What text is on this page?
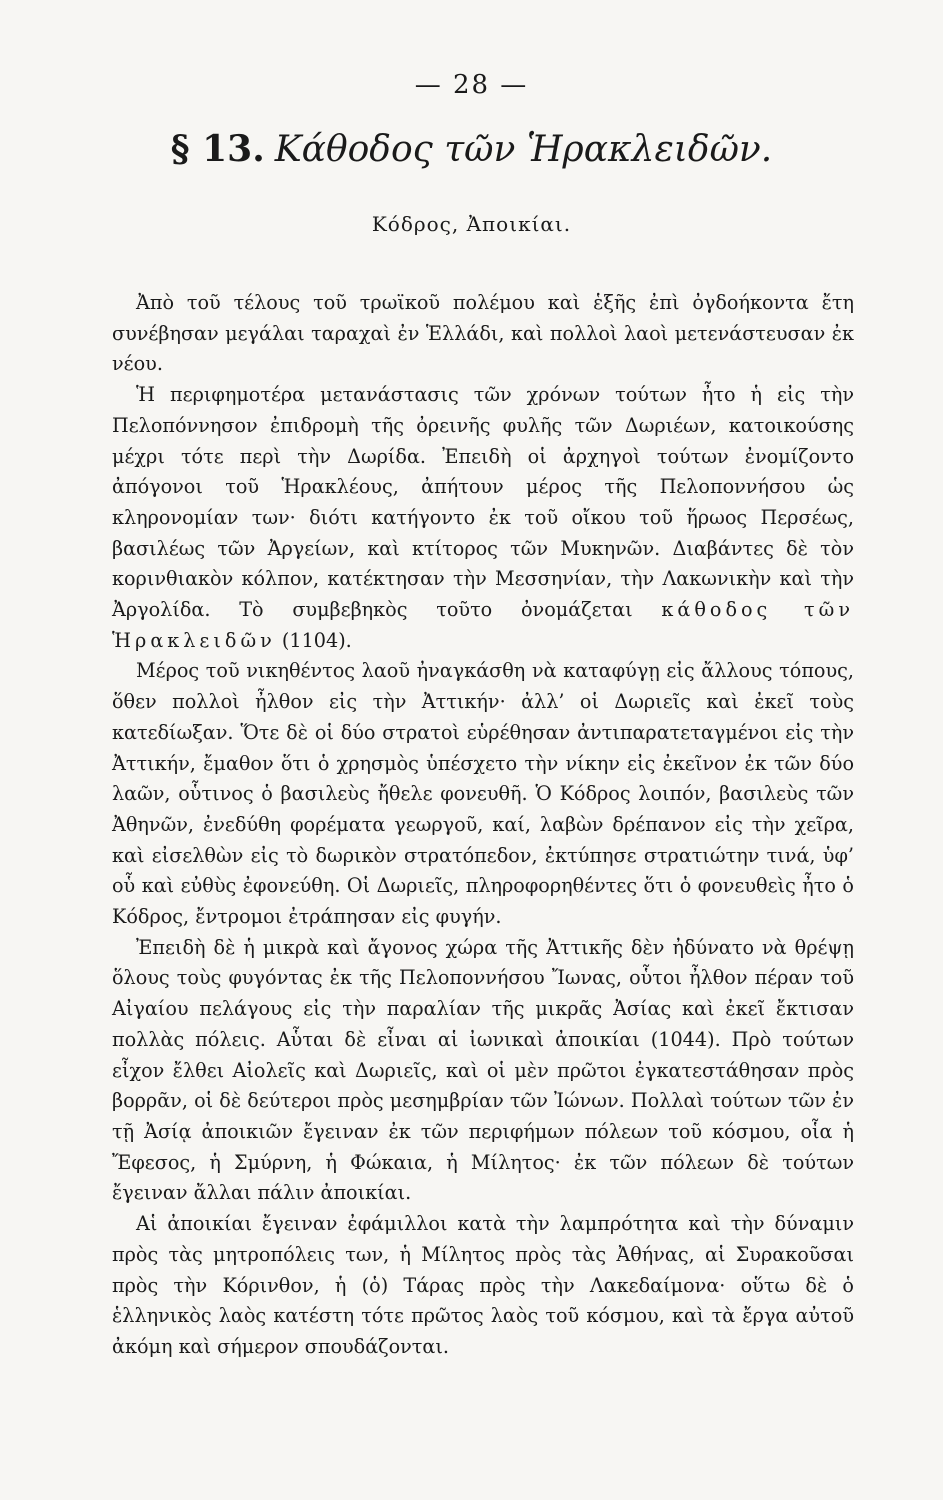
— 28 —
§ 13. Κάθοδος τῶν Ἡρακλειδῶν.
Κόδρος, Ἀποικίαι.

Ἀπὸ τοῦ τέλους τοῦ τρωϊκοῦ πολέμου καὶ ἑξῆς ἐπὶ ὀγδοήκοντα ἔτη συνέβησαν μεγάλαι ταραχαὶ ἐν Ἑλλάδι, καὶ πολλοὶ λαοὶ μετενάστευσαν ἐκ νέου.

Ἡ περιφημοτέρα μετανάστασις τῶν χρόνων τούτων ἦτο ἡ εἰς τὴν Πελοπόννησον ἐπιδρομὴ τῆς ὀρεινῆς φυλῆς τῶν Δωριέων, κατοικούσης μέχρι τότε περὶ τὴν Δωρίδα. Ἐπειδὴ οἱ ἀρχηγοὶ τούτων ἐνομίζοντο ἀπόγονοι τοῦ Ἡρακλέους, ἀπήτουν μέρος τῆς Πελοποννήσου ὡς κληρονομίαν των· διότι κατήγοντο ἐκ τοῦ οἴκου τοῦ ἥρωος Περσέως, βασιλέως τῶν Ἀργείων, καὶ κτίτορος τῶν Μυκηνῶν. Διαβάντες δὲ τὸν κορινθιακὸν κόλπον, κατέκτησαν τὴν Μεσσηνίαν, τὴν Λακωνικὴν καὶ τὴν Ἀργολίδα. Τὸ συμβεβηκὸς τοῦτο ὀνομάζεται κάθοδος τῶν Ἡρακλειδῶν (1104).

Μέρος τοῦ νικηθέντος λαοῦ ἠναγκάσθη νὰ καταφύγῃ εἰς ἄλλους τόπους, ὅθεν πολλοὶ ἦλθον εἰς τὴν Ἀττικήν· ἀλλ’ οἱ Δωριεῖς καὶ ἐκεῖ τοὺς κατεδίωξαν. Ὅτε δὲ οἱ δύο στρατοὶ εὑρέθησαν ἀντιπαρατεταγμένοι εἰς τὴν Ἀττικήν, ἔμαθον ὅτι ὁ χρησμὸς ὑπέσχετο τὴν νίκην εἰς ἐκεῖνον ἐκ τῶν δύο λαῶν, οὗτινος ὁ βασιλεὺς ἤθελε φονευθῆ. Ὁ Κόδρος λοιπόν, βασιλεὺς τῶν Ἀθηνῶν, ἐνεδύθη φορέματα γεωργοῦ, καί, λαβὼν δρέπανον εἰς τὴν χεῖρα, καὶ εἰσελθὼν εἰς τὸ δωρικὸν στρατόπεδον, ἐκτύπησε στρατιώτην τινά, ὑφ’ οὗ καὶ εὐθὺς ἐφονεύθη. Οἱ Δωριεῖς, πληροφορηθέντες ὅτι ὁ φονευθεὶς ἦτο ὁ Κόδρος, ἔντρομοι ἐτράπησαν εἰς φυγήν.

Ἐπειδὴ δὲ ἡ μικρὰ καὶ ἄγονος χώρα τῆς Ἀττικῆς δὲν ἠδύνατο νὰ θρέψῃ ὅλους τοὺς φυγόντας ἐκ τῆς Πελοποννήσου Ἴωνας, οὗτοι ἦλθον πέραν τοῦ Αἰγαίου πελάγους εἰς τὴν παραλίαν τῆς μικρᾶς Ἀσίας καὶ ἐκεῖ ἔκτισαν πολλὰς πόλεις. Αὗται δὲ εἶναι αἱ ἰωνικαὶ ἀποικίαι (1044). Πρὸ τούτων εἶχον ἔλθει Αἰολεῖς καὶ Δωριεῖς, καὶ οἱ μὲν πρῶτοι ἐγκατεστάθησαν πρὸς βορρᾶν, οἱ δὲ δεύτεροι πρὸς μεσημβρίαν τῶν Ἰώνων. Πολλαὶ τούτων τῶν ἐν τῇ Ἀσίᾳ ἀποικιῶν ἔγειναν ἐκ τῶν περιφήμων πόλεων τοῦ κόσμου, οἷα ἡ Ἔφεσος, ἡ Σμύρνη, ἡ Φώκαια, ἡ Μίλητος· ἐκ τῶν πόλεων δὲ τούτων ἔγειναν ἄλλαι πάλιν ἀποικίαι.

Αἱ ἀποικίαι ἔγειναν ἐφάμιλλοι κατὰ τὴν λαμπρότητα καὶ τὴν δύναμιν πρὸς τὰς μητροπόλεις των, ἡ Μίλητος πρὸς τὰς Ἀθήνας, αἱ Συρακοῦσαι πρὸς τὴν Κόρινθον, ἡ (ὁ) Τάρας πρὸς τὴν Λακεδαίμονα· οὕτω δὲ ὁ ἑλληνικὸς λαὸς κατέστη τότε πρῶτος λαὸς τοῦ κόσμου, καὶ τὰ ἔργα αὐτοῦ ἀκόμη καὶ σήμερον σπουδάζονται.
